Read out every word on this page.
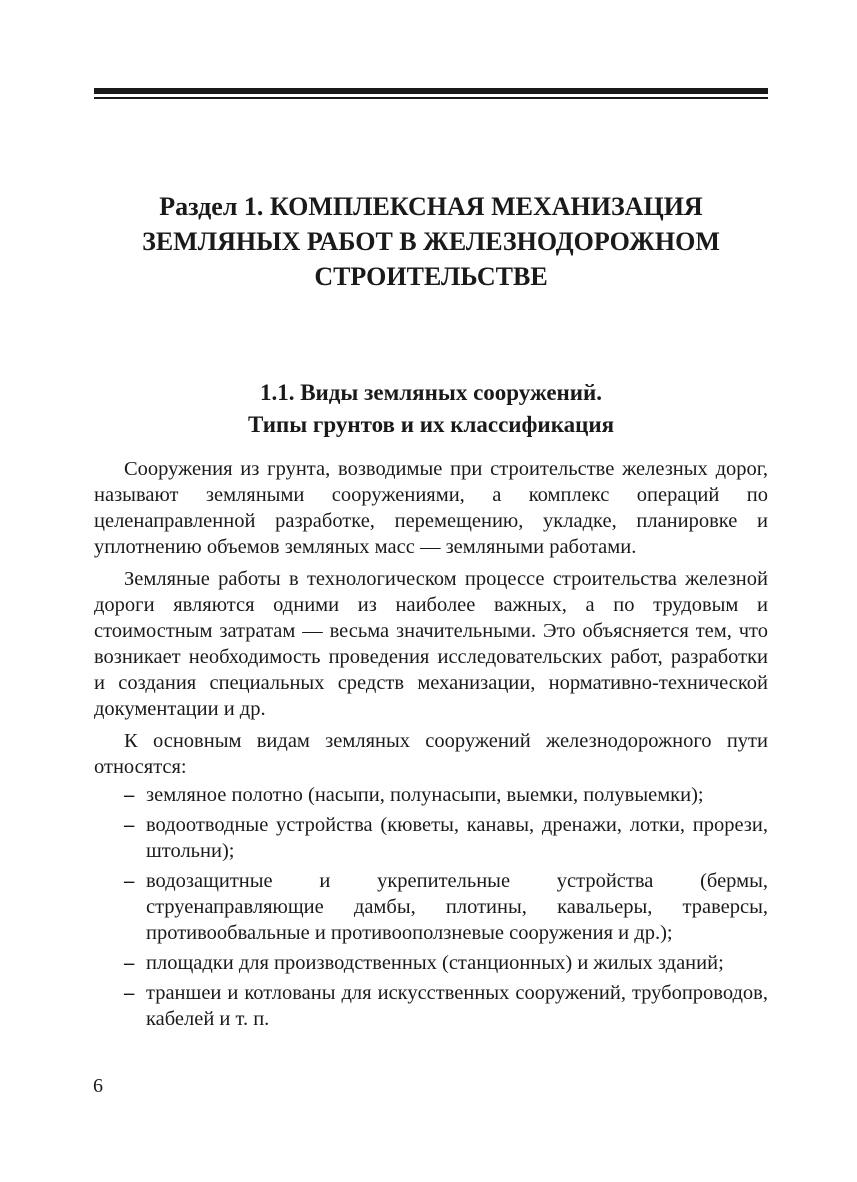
Раздел 1. КОМПЛЕКСНАЯ МЕХАНИЗАЦИЯ
ЗЕМЛЯНЫХ РАБОТ В ЖЕЛЕЗНОДОРОЖНОМ
СТРОИТЕЛЬСТВЕ
1.1. Виды земляных сооружений.
Типы грунтов и их классификация

Сооружения из грунта, возводимые при строительстве железных дорог, называют земляными сооружениями, а комплекс операций по целенаправленной разработке, перемещению, укладке, планировке и уплотнению объемов земляных масс — земляными работами.

Земляные работы в технологическом процессе строительства железной дороги являются одними из наиболее важных, а по трудовым и стоимостным затратам — весьма значительными. Это объясняется тем, что возникает необходимость проведения исследовательских работ, разработки и создания специальных средств механизации, нормативно-технической документации и др.

К основным видам земляных сооружений железнодорожного пути относятся:

– земляное полотно (насыпи, полунасыпи, выемки, полувыемки);
– водоотводные устройства (кюветы, канавы, дренажи, лотки, прорези, штольни);
– водозащитные и укрепительные устройства (бермы, струенаправляющие дамбы, плотины, кавальеры, траверсы, противообвальные и противооползневые сооружения и др.);
– площадки для производственных (станционных) и жилых зданий;
– траншеи и котлованы для искусственных сооружений, трубопроводов, кабелей и т. п.
6
